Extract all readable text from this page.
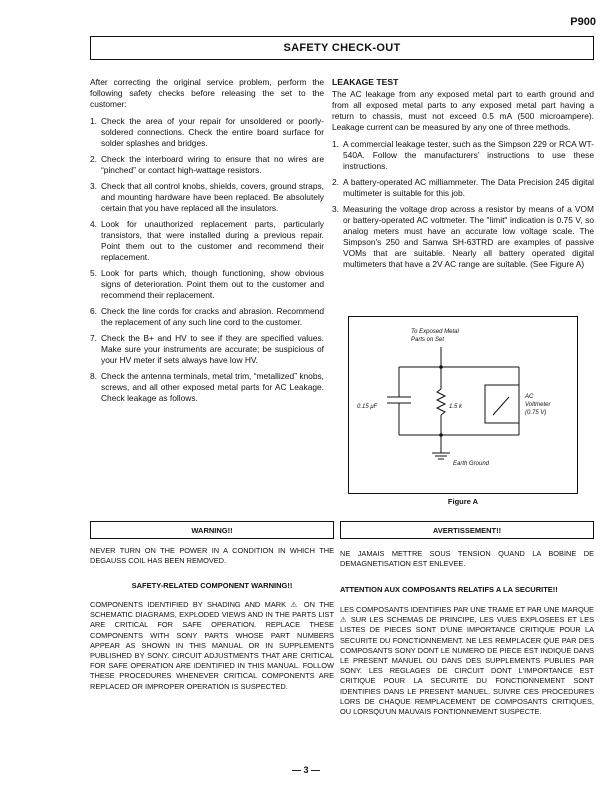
P900
SAFETY CHECK-OUT

After correcting the original service problem, perform the following safety checks before releasing the set to the customer:

1. Check the area of your repair for unsoldered or poorly-soldered connections. Check the entire board surface for solder splashes and bridges.
2. Check the interboard wiring to ensure that no wires are “pinched” or contact high-wattage resistors.
3. Check that all control knobs, shields, covers, ground straps, and mounting hardware have been replaced. Be absolutely certain that you have replaced all the insulators.
4. Look for unauthorized replacement parts, particularly transistors, that were installed during a previous repair. Point them out to the customer and recommend their replacement.
5. Look for parts which, though functioning, show obvious signs of deterioration. Point them out to the customer and recommend their replacement.
6. Check the line cords for cracks and abrasion. Recommend the replacement of any such line cord to the customer.
7. Check the B+ and HV to see if they are specified values. Make sure your instruments are accurate; be suspicious of your HV meter if sets always have low HV.
8. Check the antenna terminals, metal trim, “metallized” knobs, screws, and all other exposed metal parts for AC Leakage. Check leakage as follows.
LEAKAGE TEST

The AC leakage from any exposed metal part to earth ground and from all exposed metal parts to any exposed metal part having a return to chassis, must not exceed 0.5 mA (500 microampere). Leakage current can be measured by any one of three methods.

1. A commercial leakage tester, such as the Simpson 229 or RCA WT-540A. Follow the manufacturers’ instructions to use these instructions.
2. A battery-operated AC milliammeter. The Data Precision 245 digital multimeter is suitable for this job.
3. Measuring the voltage drop across a resistor by means of a VOM or battery-operated AC voltmeter. The "limit" indication is 0.75 V, so analog meters must have an accurate low voltage scale. The Simpson's 250 and Sanwa SH-63TRD are examples of passive VOMs that are suitable. Nearly all battery operated digital multimeters that have a 2V AC range are suitable. (See Figure A)
To Exposed Metal
Parts on Set
0.15 μF	1.5 k
AC
Voltmeter
(0.75 V)
Earth Ground
Figure A
WARNING!!	AVERTISSEMENT!!
NEVER TURN ON THE POWER IN A CONDITION IN WHICH THE DEGAUSS COIL HAS BEEN REMOVED.
SAFETY-RELATED COMPONENT WARNING!!
COMPONENTS IDENTIFIED BY SHADING AND MARK ⚠ ON THE SCHEMATIC DIAGRAMS, EXPLODED VIEWS AND IN THE PARTS LIST ARE CRITICAL FOR SAFE OPERATION. REPLACE THESE COMPONENTS WITH SONY PARTS WHOSE PART NUMBERS APPEAR AS SHOWN IN THIS MANUAL OR IN SUPPLEMENTS PUBLISHED BY SONY. CIRCUIT ADJUSTMENTS THAT ARE CRITICAL FOR SAFE OPERATION ARE IDENTIFIED IN THIS MANUAL. FOLLOW THESE PROCEDURES WHENEVER CRITICAL COMPONENTS ARE REPLACED OR IMPROPER OPERATION IS SUSPECTED.
NE JAMAIS METTRE SOUS TENSION QUAND LA BOBINE DE DEMAGNETISATION EST ENLEVEE.
ATTENTION AUX COMPOSANTS RELATIFS A LA SECURITE!!
LES COMPOSANTS IDENTIFIES PAR UNE TRAME ET PAR UNE MARQUE ⚠ SUR LES SCHEMAS DE PRINCIPE, LES VUES EXPLOSEES ET LES LISTES DE PIECES SONT D'UNE IMPORTANCE CRITIQUE POUR LA SECURITE DU FONCTIONNEMENT. NE LES REMPLACER QUE PAR DES COMPOSANTS SONY DONT LE NUMERO DE PIECE EST INDIQUE DANS LE PRESENT MANUEL OU DANS DES SUPPLEMENTS PUBLIES PAR SONY. LES REGLAGES DE CIRCUIT DONT L'IMPORTANCE EST CRITIQUE POUR LA SECURITE DU FONCTIONNEMENT SONT IDENTIFIES DANS LE PRESENT MANUEL. SUIVRE CES PROCEDURES LORS DE CHAQUE REMPLACEMENT DE COMPOSANTS CRITIQUES, OU LORSQU'UN MAUVAIS FONTIONNEMENT SUSPECTE.
— 3 —
